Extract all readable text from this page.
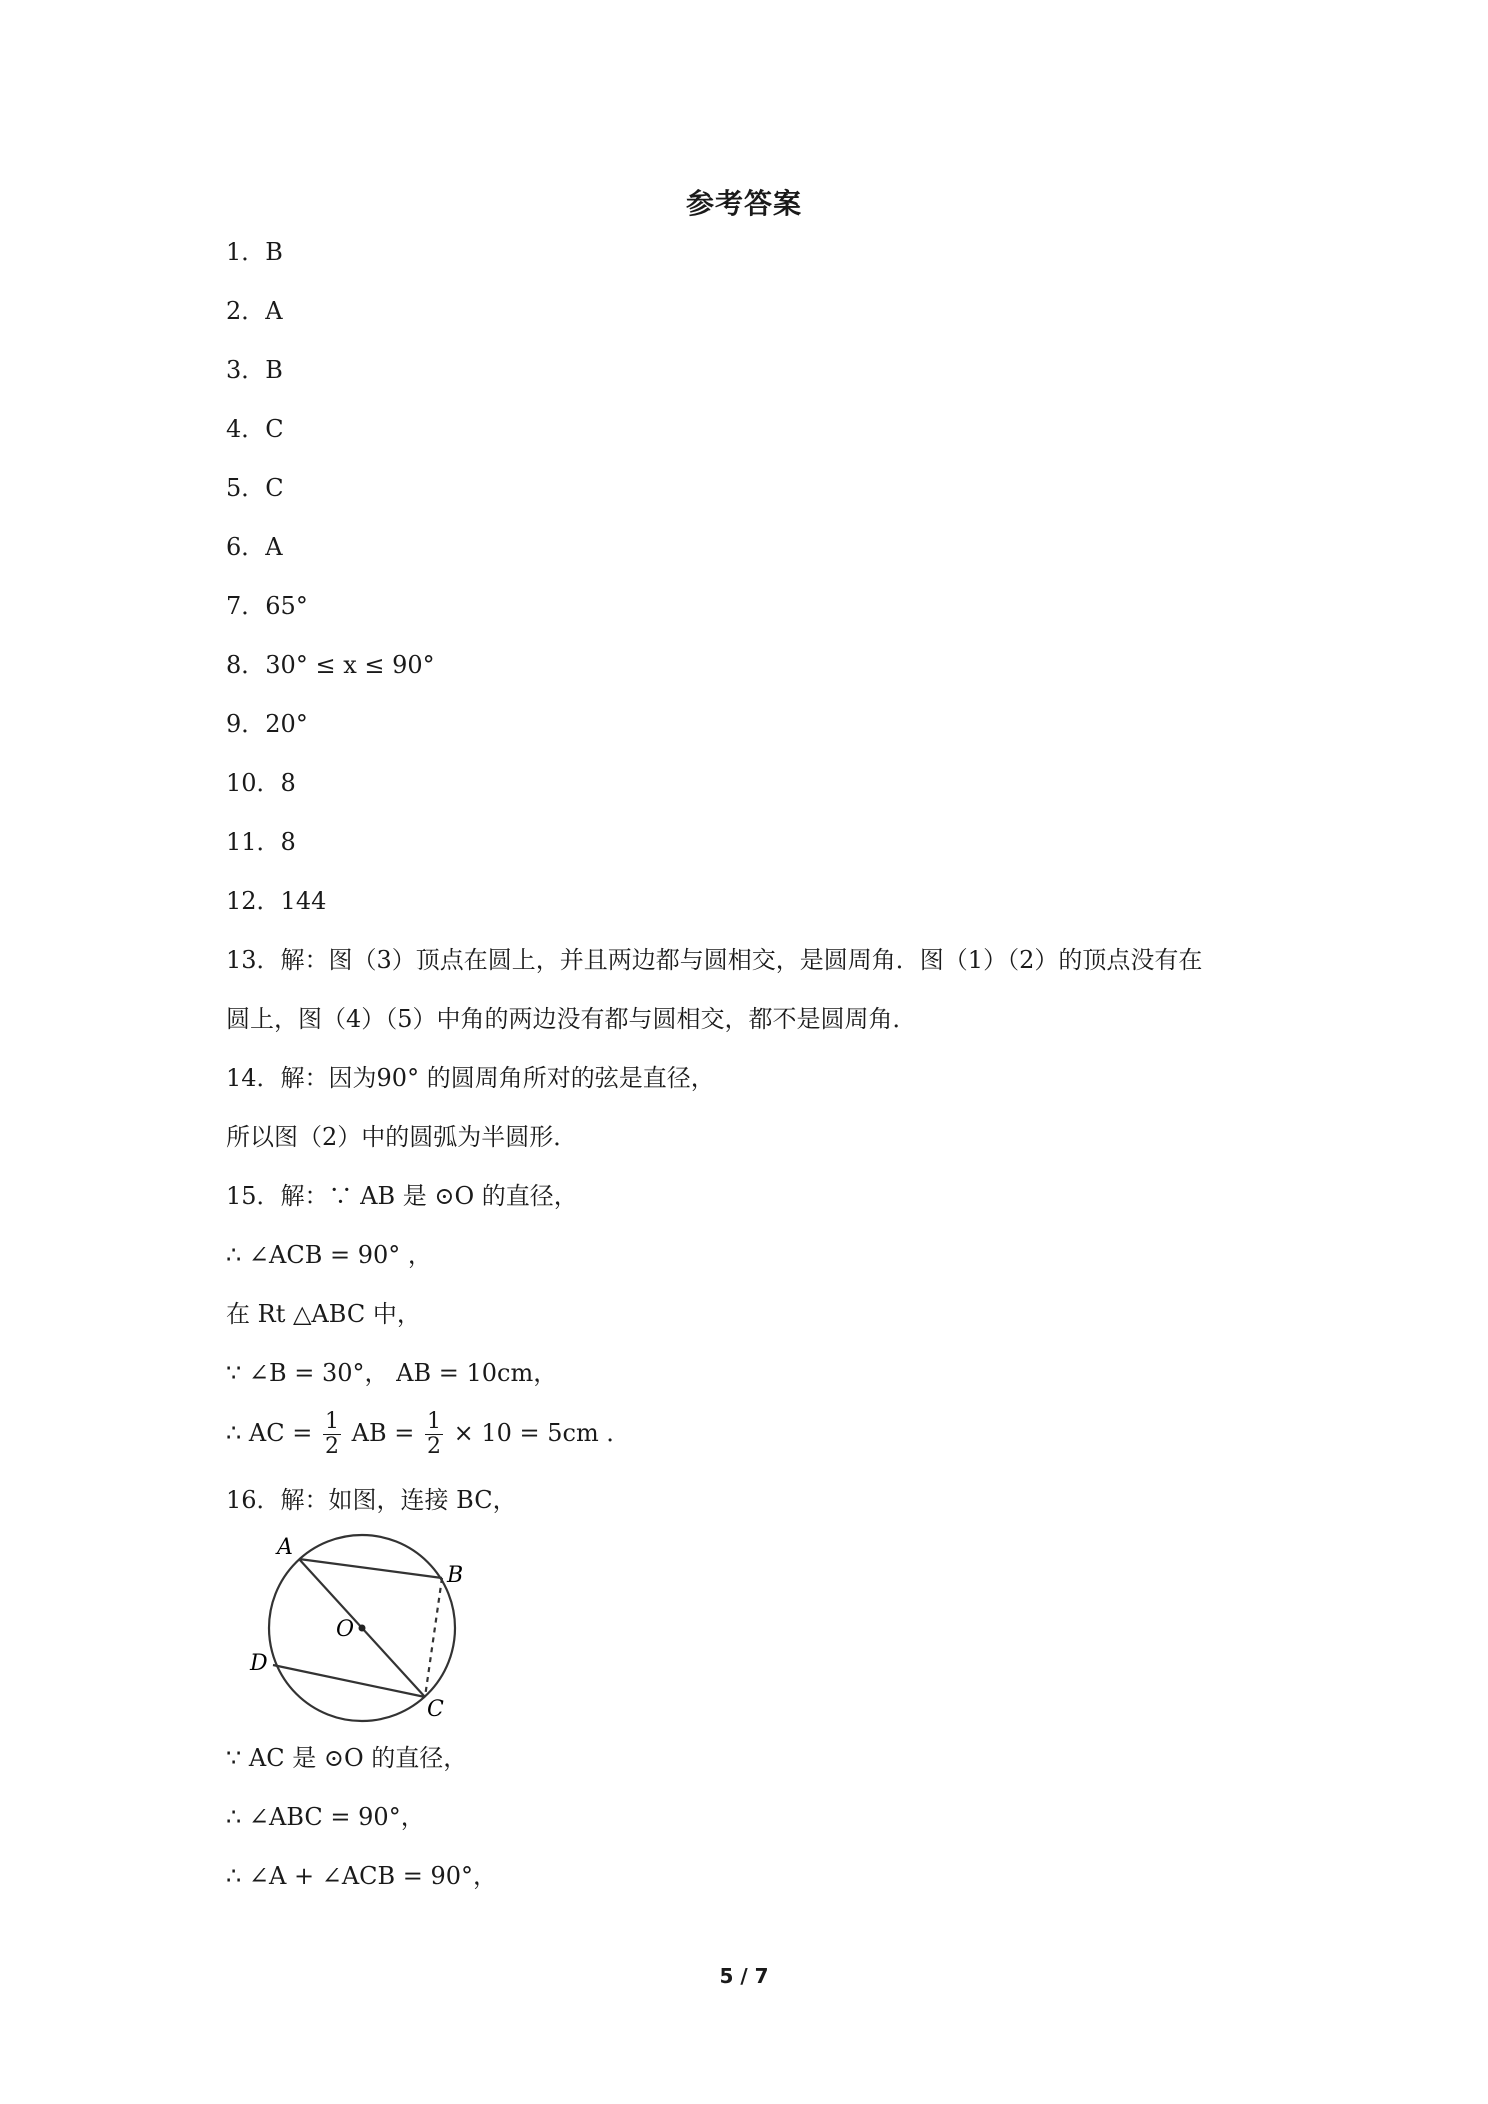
参考答案
1．B
2．A
3．B
4．C
5．C
6．A
7．65°
8．30° ≤ x ≤ 90°
9．20°
10．8
11．8
12．144
13．解：图（3）顶点在圆上，并且两边都与圆相交，是圆周角．图（1）（2）的顶点没有在
圆上，图（4）（5）中角的两边没有都与圆相交，都不是圆周角．
14．解：因为90° 的圆周角所对的弦是直径，
所以图（2）中的圆弧为半圆形．
15．解：∵ AB 是 ⊙O 的直径，
∴ ∠ACB = 90° ，
在 Rt △ABC 中，
∵ ∠B = 30°， AB = 10cm，
∴ AC = $\frac{1}{2}$ AB = $\frac{1}{2} \times 10 = 5cm$ ．
16．解：如图，连接 BC，
A
B
C
D
O
∵ AC 是 ⊙O 的直径，
∴ ∠ABC = 90°，
∴ ∠A + ∠ACB = 90°，
5 / 7
